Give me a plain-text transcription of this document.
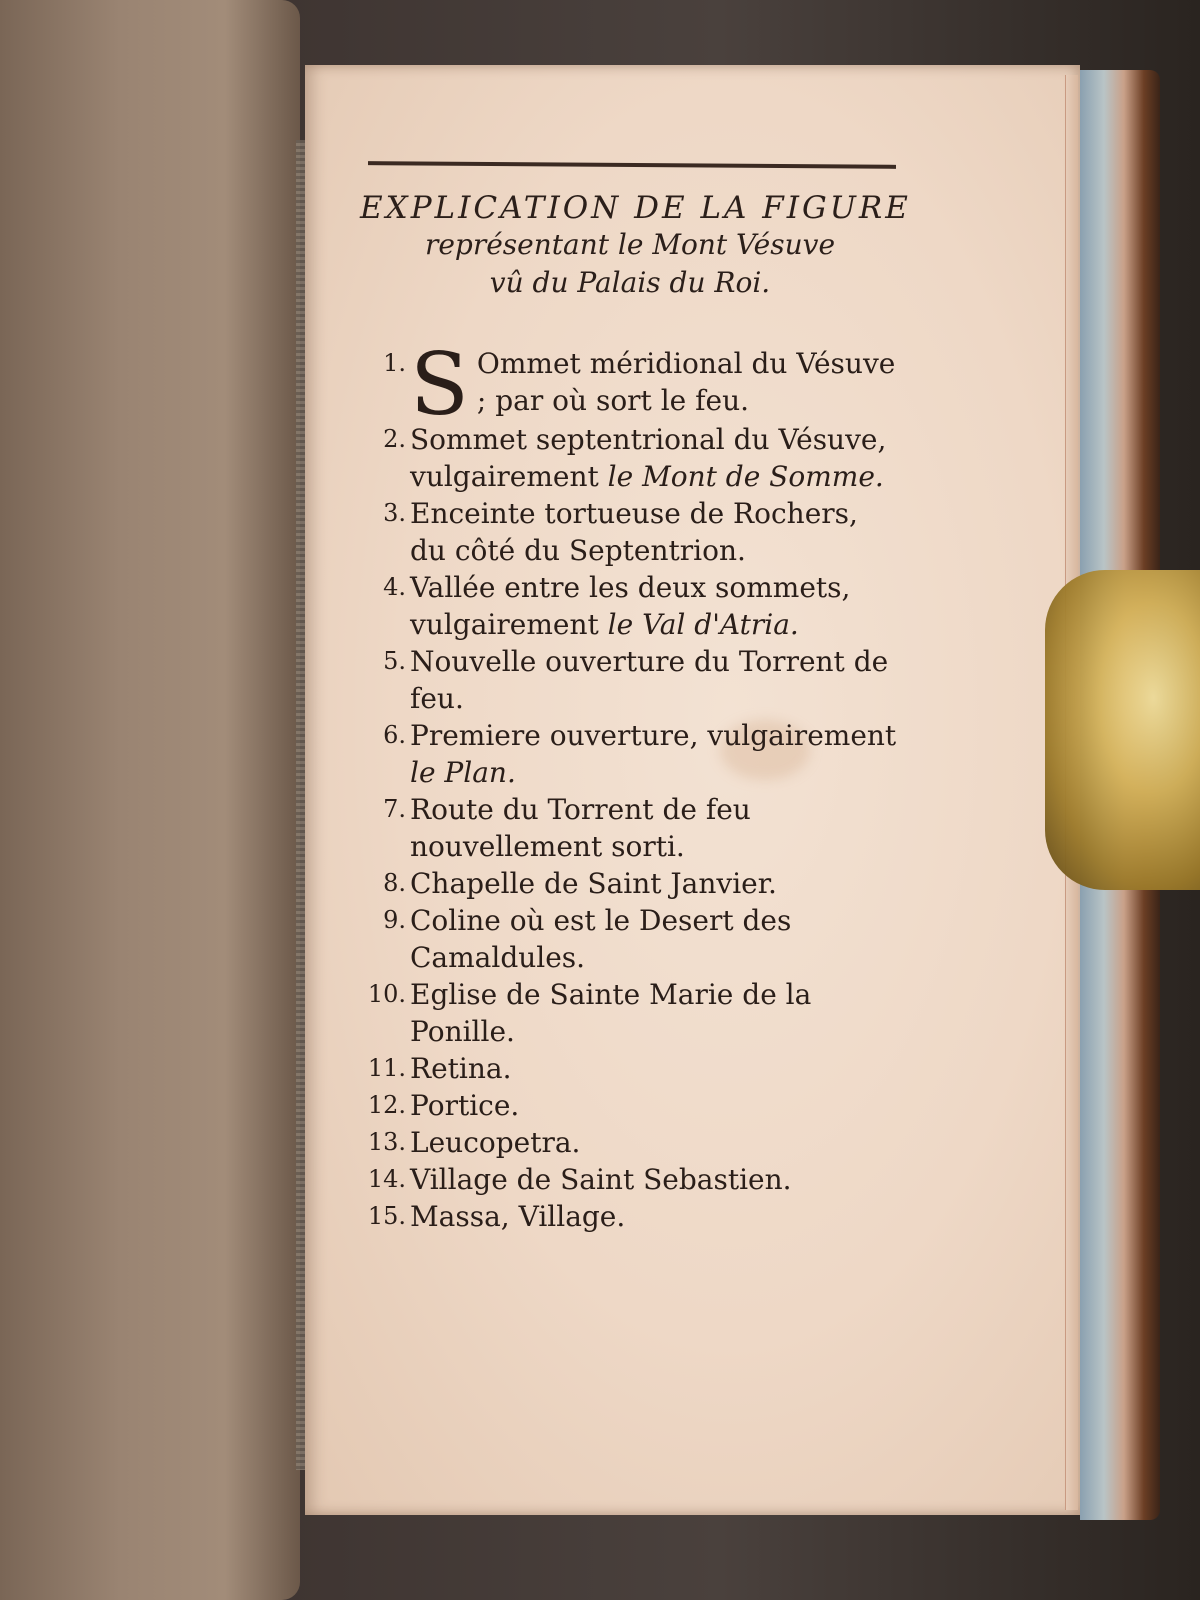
EXPLICATION DE LA FIGURE
représentant le Mont Vésuve
vû du Palais du Roi.
1. S Ommet méridional du Vésuve ; par où sort le feu.
2. Sommet septentrional du Vésuve, vulgairement le Mont de Somme.
3. Enceinte tortueuse de Rochers, du côté du Septentrion.
4. Vallée entre les deux sommets, vulgairement le Val d'Atria.
5. Nouvelle ouverture du Torrent de feu.
6. Premiere ouverture, vulgairement le Plan.
7. Route du Torrent de feu nouvellement sorti.
8. Chapelle de Saint Janvier.
9. Coline où est le Desert des Camaldules.
10. Eglise de Sainte Marie de la Ponille.
11. Retina.
12. Portice.
13. Leucopetra.
14. Village de Saint Sebastien.
15. Massa, Village.
